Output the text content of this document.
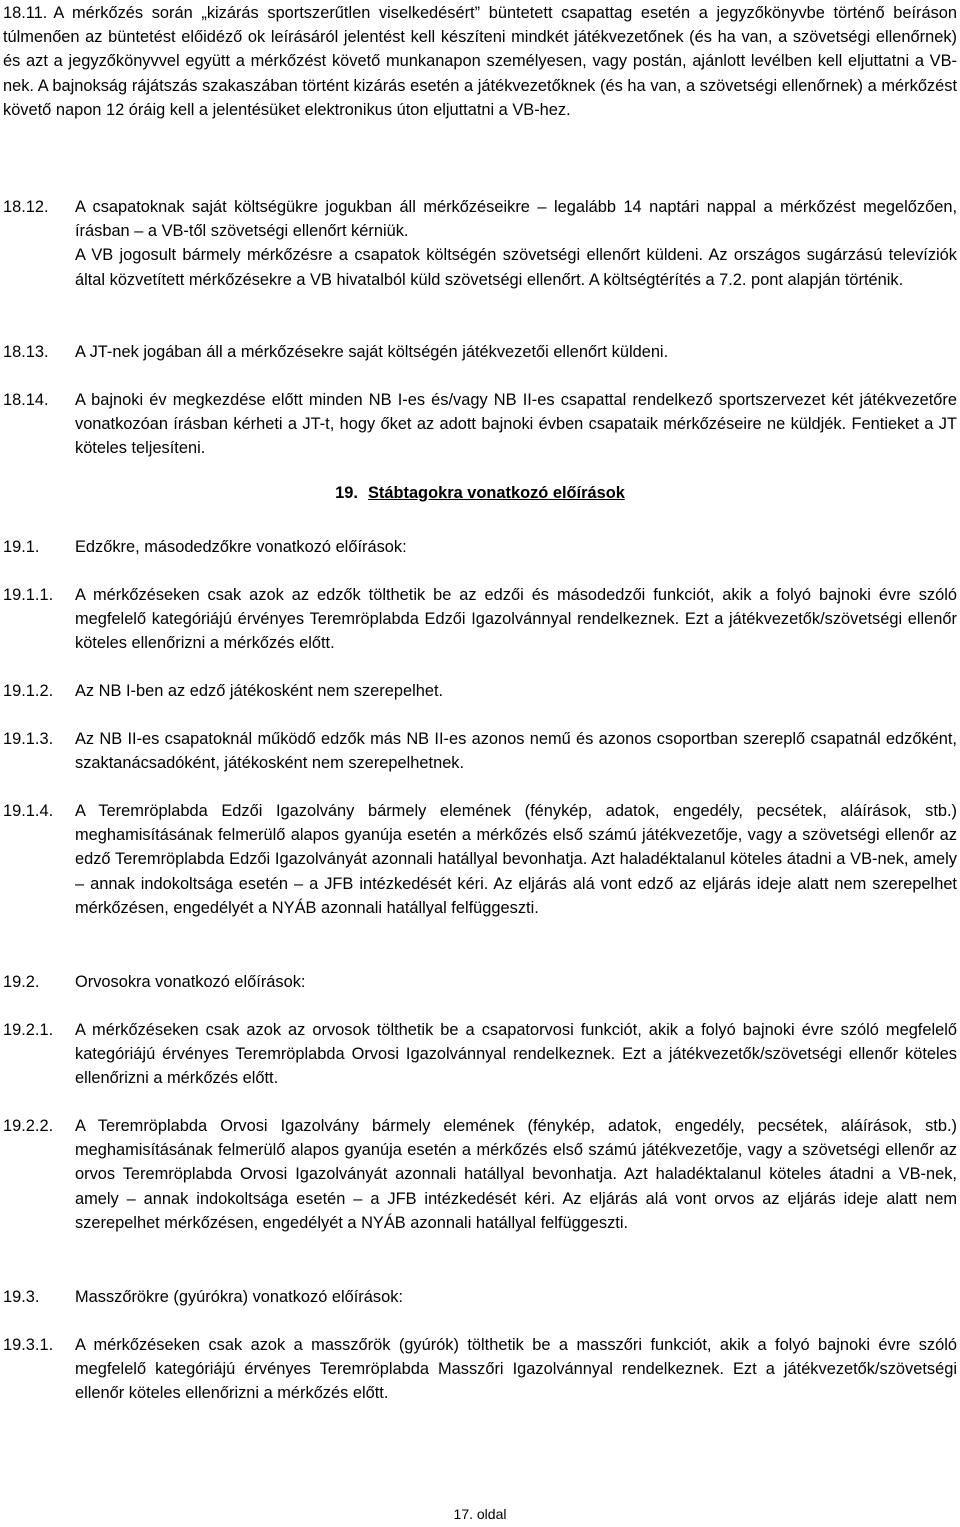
18.11. A mérkőzés során „kizárás sportszerűtlen viselkedésért” büntetett csapattag esetén a jegyzőkönyvbe történő beíráson túlmenően az büntetést előidéző ok leírásáról jelentést kell készíteni mindkét játékvezetőnek (és ha van, a szövetségi ellenőrnek) és azt a jegyzőkönyvvel együtt a mérkőzést követő munkanapon személyesen, vagy postán, ajánlott levélben kell eljuttatni a VB-nek. A bajnokság rájátszás szakaszában történt kizárás esetén a játékvezetőknek (és ha van, a szövetségi ellenőrnek) a mérkőzést követő napon 12 óráig kell a jelentésüket elektronikus úton eljuttatni a VB-hez.

18.12.	A csapatoknak saját költségükre jogukban áll mérkőzéseikre – legalább 14 naptári nappal a mérkőzést megelőzően, írásban – a VB-től szövetségi ellenőrt kérniük.

A VB jogosult bármely mérkőzésre a csapatok költségén szövetségi ellenőrt küldeni. Az országos sugárzású televíziók által közvetített mérkőzésekre a VB hivatalból küld szövetségi ellenőrt. A költségtérítés a 7.2. pont alapján történik.

18.13.	A JT-nek jogában áll a mérkőzésekre saját költségén játékvezetői ellenőrt küldeni.

18.14.	A bajnoki év megkezdése előtt minden NB I-es és/vagy NB II-es csapattal rendelkező sportszervezet két játékvezetőre vonatkozóan írásban kérheti a JT-t, hogy őket az adott bajnoki évben csapataik mérkőzéseire ne küldjék. Fentieket a JT köteles teljesíteni.

19. Stábtagokra vonatkozó előírások
19.1.	Edzőkre, másodedzőkre vonatkozó előírások:

19.1.1.	A mérkőzéseken csak azok az edzők tölthetik be az edzői és másodedzői funkciót, akik a folyó bajnoki évre szóló megfelelő kategóriájú érvényes Teremröplabda Edzői Igazolvánnyal rendelkeznek. Ezt a játékvezetők/szövetségi ellenőr köteles ellenőrizni a mérkőzés előtt.

19.1.2.	Az NB I-ben az edző játékosként nem szerepelhet.

19.1.3.	Az NB II-es csapatoknál működő edzők más NB II-es azonos nemű és azonos csoportban szereplő csapatnál edzőként, szaktanácsadóként, játékosként nem szerepelhetnek.

19.1.4.	A Teremröplabda Edzői Igazolvány bármely elemének (fénykép, adatok, engedély, pecsétek, aláírások, stb.) meghamisításának felmerülő alapos gyanúja esetén a mérkőzés első számú játékvezetője, vagy a szövetségi ellenőr az edző Teremröplabda Edzői Igazolványát azonnali hatállyal bevonhatja. Azt haladéktalanul köteles átadni a VB-nek, amely – annak indokoltsága esetén – a JFB intézkedését kéri. Az eljárás alá vont edző az eljárás ideje alatt nem szerepelhet mérkőzésen, engedélyét a NYÁB azonnali hatállyal felfüggeszti.

19.2.	Orvosokra vonatkozó előírások:

19.2.1.	A mérkőzéseken csak azok az orvosok tölthetik be a csapatorvosi funkciót, akik a folyó bajnoki évre szóló megfelelő kategóriájú érvényes Teremröplabda Orvosi Igazolvánnyal rendelkeznek. Ezt a játékvezetők/szövetségi ellenőr köteles ellenőrizni a mérkőzés előtt.

19.2.2.	A Teremröplabda Orvosi Igazolvány bármely elemének (fénykép, adatok, engedély, pecsétek, aláírások, stb.) meghamisításának felmerülő alapos gyanúja esetén a mérkőzés első számú játékvezetője, vagy a szövetségi ellenőr az orvos Teremröplabda Orvosi Igazolványát azonnali hatállyal bevonhatja. Azt haladéktalanul köteles átadni a VB-nek, amely – annak indokoltsága esetén – a JFB intézkedését kéri. Az eljárás alá vont orvos az eljárás ideje alatt nem szerepelhet mérkőzésen, engedélyét a NYÁB azonnali hatállyal felfüggeszti.

19.3.	Masszőrökre (gyúrókra) vonatkozó előírások:

19.3.1.	A mérkőzéseken csak azok a masszőrök (gyúrók) tölthetik be a masszőri funkciót, akik a folyó bajnoki évre szóló megfelelő kategóriájú érvényes Teremröplabda Masszőri Igazolvánnyal rendelkeznek. Ezt a játékvezetők/szövetségi ellenőr köteles ellenőrizni a mérkőzés előtt.

17. oldal
